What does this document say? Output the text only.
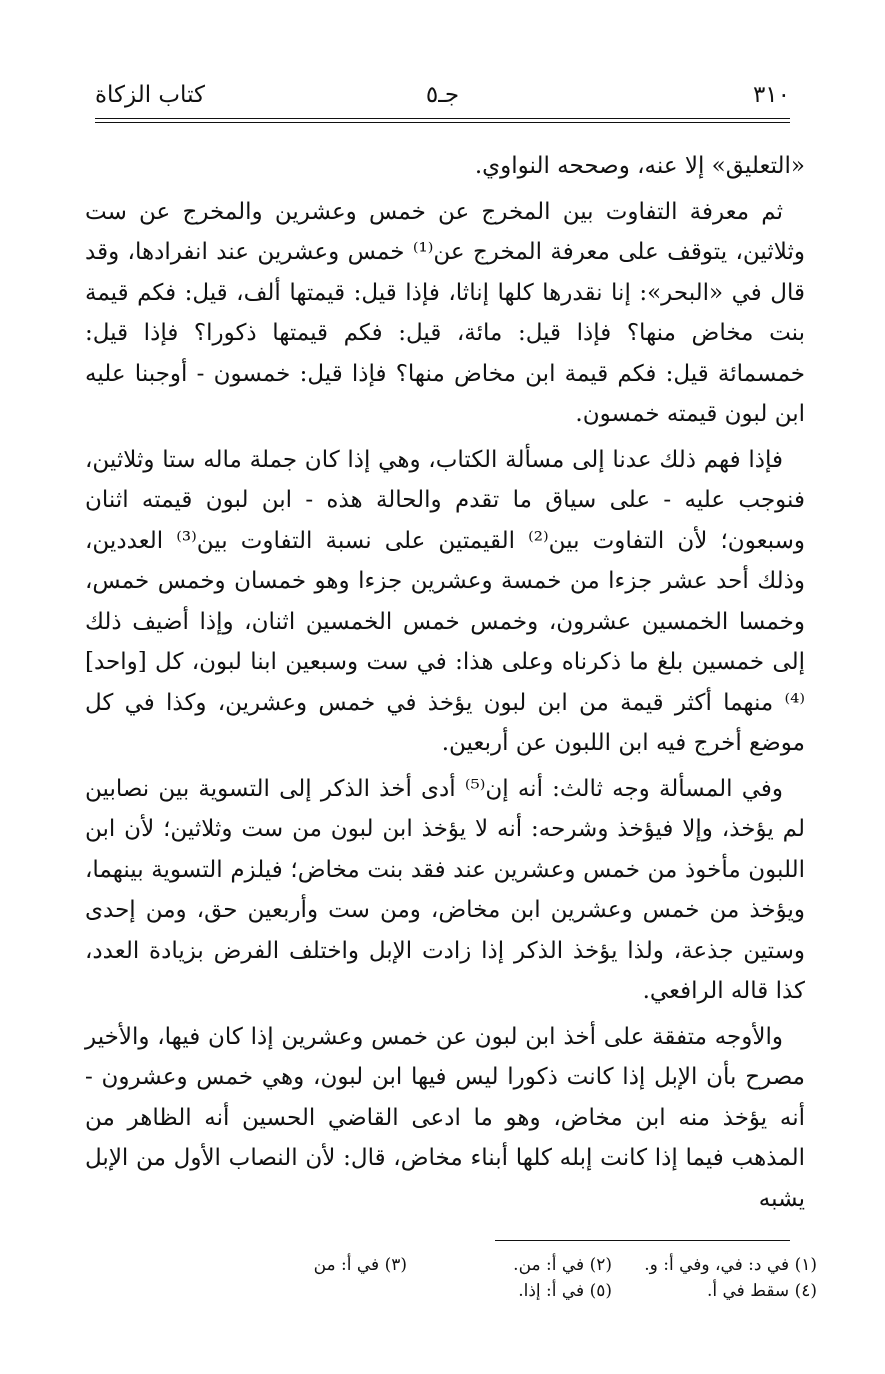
٣١٠
جـ٥
كتاب الزكاة

«التعليق» إلا عنه، وصححه النواوي.

ثم معرفة التفاوت بين المخرج عن خمس وعشرين والمخرج عن ست وثلاثين، يتوقف على معرفة المخرج عن⁽¹⁾ خمس وعشرين عند انفرادها، وقد قال في «البحر»: إنا نقدرها كلها إناثا، فإذا قيل: قيمتها ألف، قيل: فكم قيمة بنت مخاض منها؟ فإذا قيل: مائة، قيل: فكم قيمتها ذكورا؟ فإذا قيل: خمسمائة قيل: فكم قيمة ابن مخاض منها؟ فإذا قيل: خمسون - أوجبنا عليه ابن لبون قيمته خمسون.

فإذا فهم ذلك عدنا إلى مسألة الكتاب، وهي إذا كان جملة ماله ستا وثلاثين، فنوجب عليه - على سياق ما تقدم والحالة هذه - ابن لبون قيمته اثنان وسبعون؛ لأن التفاوت بين⁽²⁾ القيمتين على نسبة التفاوت بين⁽³⁾ العددين، وذلك أحد عشر جزءا من خمسة وعشرين جزءا وهو خمسان وخمس خمس، وخمسا الخمسين عشرون، وخمس خمس الخمسين اثنان، وإذا أضيف ذلك إلى خمسين بلغ ما ذكرناه وعلى هذا: في ست وسبعين ابنا لبون، كل [واحد]⁽⁴⁾ منهما أكثر قيمة من ابن لبون يؤخذ في خمس وعشرين، وكذا في كل موضع أخرج فيه ابن اللبون عن أربعين.

وفي المسألة وجه ثالث: أنه إن⁽⁵⁾ أدى أخذ الذكر إلى التسوية بين نصابين لم يؤخذ، وإلا فيؤخذ وشرحه: أنه لا يؤخذ ابن لبون من ست وثلاثين؛ لأن ابن اللبون مأخوذ من خمس وعشرين عند فقد بنت مخاض؛ فيلزم التسوية بينهما، ويؤخذ من خمس وعشرين ابن مخاض، ومن ست وأربعين حق، ومن إحدى وستين جذعة، ولذا يؤخذ الذكر إذا زادت الإبل واختلف الفرض بزيادة العدد، كذا قاله الرافعي.

والأوجه متفقة على أخذ ابن لبون عن خمس وعشرين إذا كان فيها، والأخير مصرح بأن الإبل إذا كانت ذكورا ليس فيها ابن لبون، وهي خمس وعشرون - أنه يؤخذ منه ابن مخاض، وهو ما ادعى القاضي الحسين أنه الظاهر من المذهب فيما إذا كانت إبله كلها أبناء مخاض، قال: لأن النصاب الأول من الإبل يشبه

(١) في د: في، وفي أ: و.
(٢) في أ: من.
(٣) في أ: من
(٤) سقط في أ.
(٥) في أ: إذا.
